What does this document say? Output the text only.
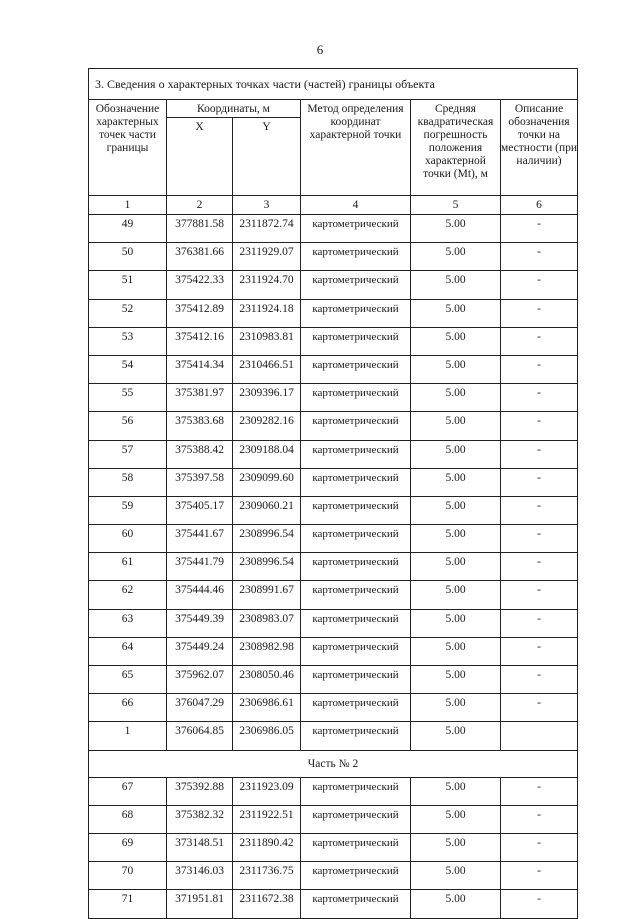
6
3. Сведения о характерных точках части (частей) границы объекта					
Обозначение характерных точек части границы	Координаты, м		Метод определения координат характерной точки	Средняя квадратическая погрешность положения характерной точки (Mt), м	Описание обозначения точки на местности (при наличии)
	X	Y			
1	2	3	4	5	6
49	377881.58	2311872.74	картометрический	5.00	-
50	376381.66	2311929.07	картометрический	5.00	-
51	375422.33	2311924.70	картометрический	5.00	-
52	375412.89	2311924.18	картометрический	5.00	-
53	375412.16	2310983.81	картометрический	5.00	-
54	375414.34	2310466.51	картометрический	5.00	-
55	375381.97	2309396.17	картометрический	5.00	-
56	375383.68	2309282.16	картометрический	5.00	-
57	375388.42	2309188.04	картометрический	5.00	-
58	375397.58	2309099.60	картометрический	5.00	-
59	375405.17	2309060.21	картометрический	5.00	-
60	375441.67	2308996.54	картометрический	5.00	-
61	375441.79	2308996.54	картометрический	5.00	-
62	375444.46	2308991.67	картометрический	5.00	-
63	375449.39	2308983.07	картометрический	5.00	-
64	375449.24	2308982.98	картометрический	5.00	-
65	375962.07	2308050.46	картометрический	5.00	-
66	376047.29	2306986.61	картометрический	5.00	-
1	376064.85	2306986.05	картометрический	5.00	
Часть № 2					
67	375392.88	2311923.09	картометрический	5.00	-
68	375382.32	2311922.51	картометрический	5.00	-
69	373148.51	2311890.42	картометрический	5.00	-
70	373146.03	2311736.75	картометрический	5.00	-
71	371951.81	2311672.38	картометрический	5.00	-
